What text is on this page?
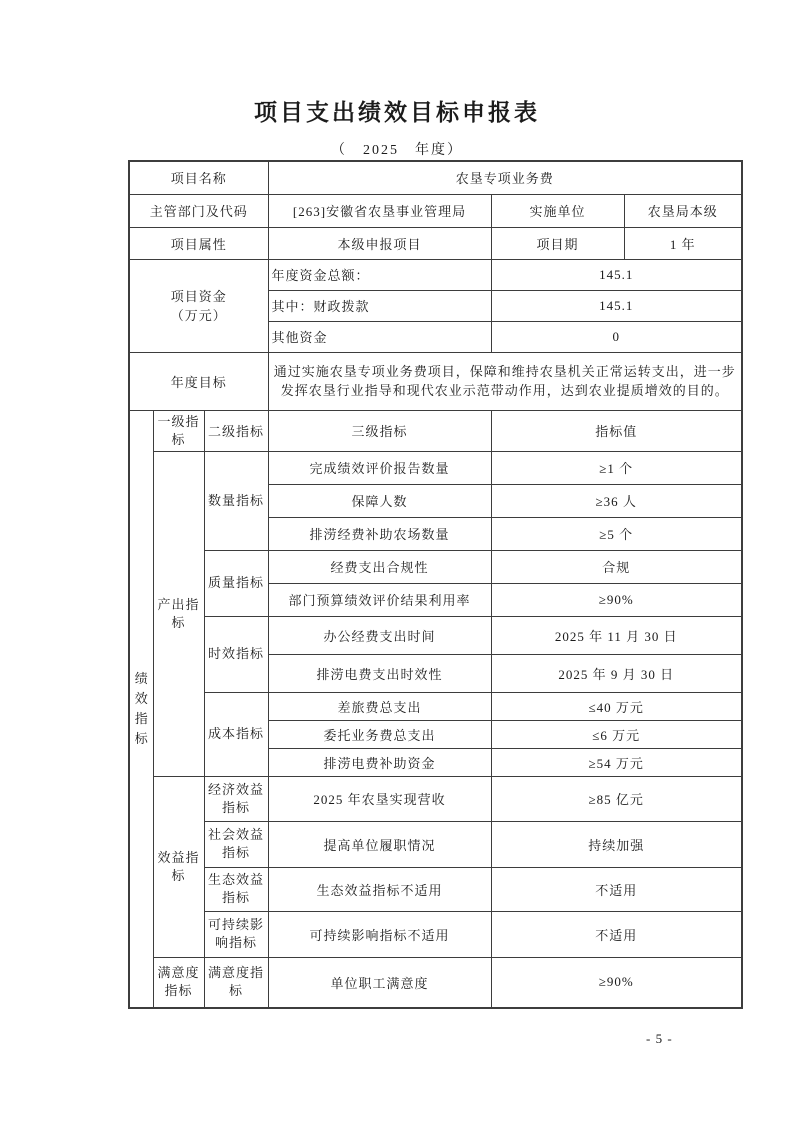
项目支出绩效目标申报表
（　2025　年度）
项目名称			农垦专项业务费		
主管部门及代码			[263]安徽省农垦事业管理局	实施单位	农垦局本级
项目属性			本级申报项目	项目期	1 年

项目资金（万元）			年度资金总额：	145.1	
			其中：财政拨款	145.1	
			其他资金	0	
年度目标			通过实施农垦专项业务费项目，保障和维持农垦机关正常运转支出，进一步发挥农垦行业指导和现代农业示范带动作用，达到农业提质增效的目的。		

绩效指标	一级指标	二级指标	三级指标	指标值	
	产出指标	数量指标	完成绩效评价报告数量	≥1 个	
			保障人数	≥36 人	
			排涝经费补助农场数量	≥5 个	
		质量指标	经费支出合规性	合规	
			部门预算绩效评价结果利用率	≥90%	
		时效指标	办公经费支出时间	2025 年 11 月 30 日	
			排涝电费支出时效性	2025 年 9 月 30 日	
		成本指标	差旅费总支出	≤40 万元	
			委托业务费总支出	≤6 万元	
			排涝电费补助资金	≥54 万元	
	效益指标	经济效益指标	2025 年农垦实现营收	≥85 亿元	
		社会效益指标	提高单位履职情况	持续加强	
		生态效益指标	生态效益指标不适用	不适用	
		可持续影响指标	可持续影响指标不适用	不适用	
	满意度指标	满意度指标	单位职工满意度	≥90%	
- 5 -
